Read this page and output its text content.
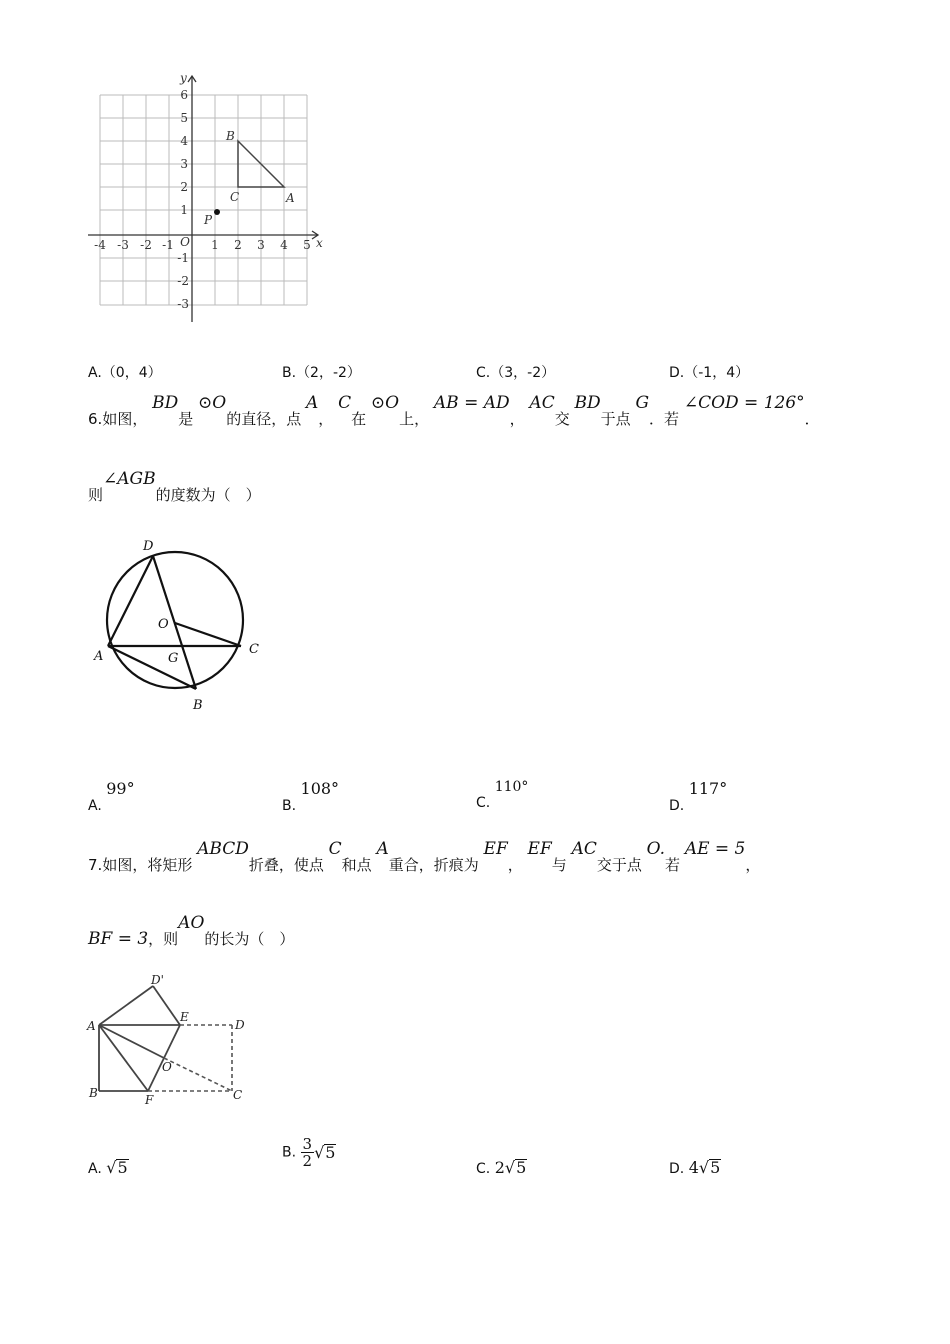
-4 -3 -2 -1 O 1 2 3 4 5
6
5
4
3
2
1
-1
-2
-3
x
y
B
C	A
P
A.（0，4）	B.（2，-2）	C.（3，-2）	D.（-1，4）
6.如图， BD是 ⊙O的直径，点 A， C在 ⊙O上， AB = AD， AC交 BD于点 G．若 ∠COD = 126°．
则∠AGB的度数为（　）
D
O
A	G
C
B
A. 99°
B. 108°
C. 110°
D. 117°
7.如图，将矩形 ABCD折叠，使点 C和点 A重合，折痕为 EF， EF与 AC交于点 O.若 AE = 5，
BF = 3，则AO的长为（　）
D'
A
E
D
O
B	F	C
A. √5
B. $\frac{3}{2} √5$
C. 2√5	D. 4√5
